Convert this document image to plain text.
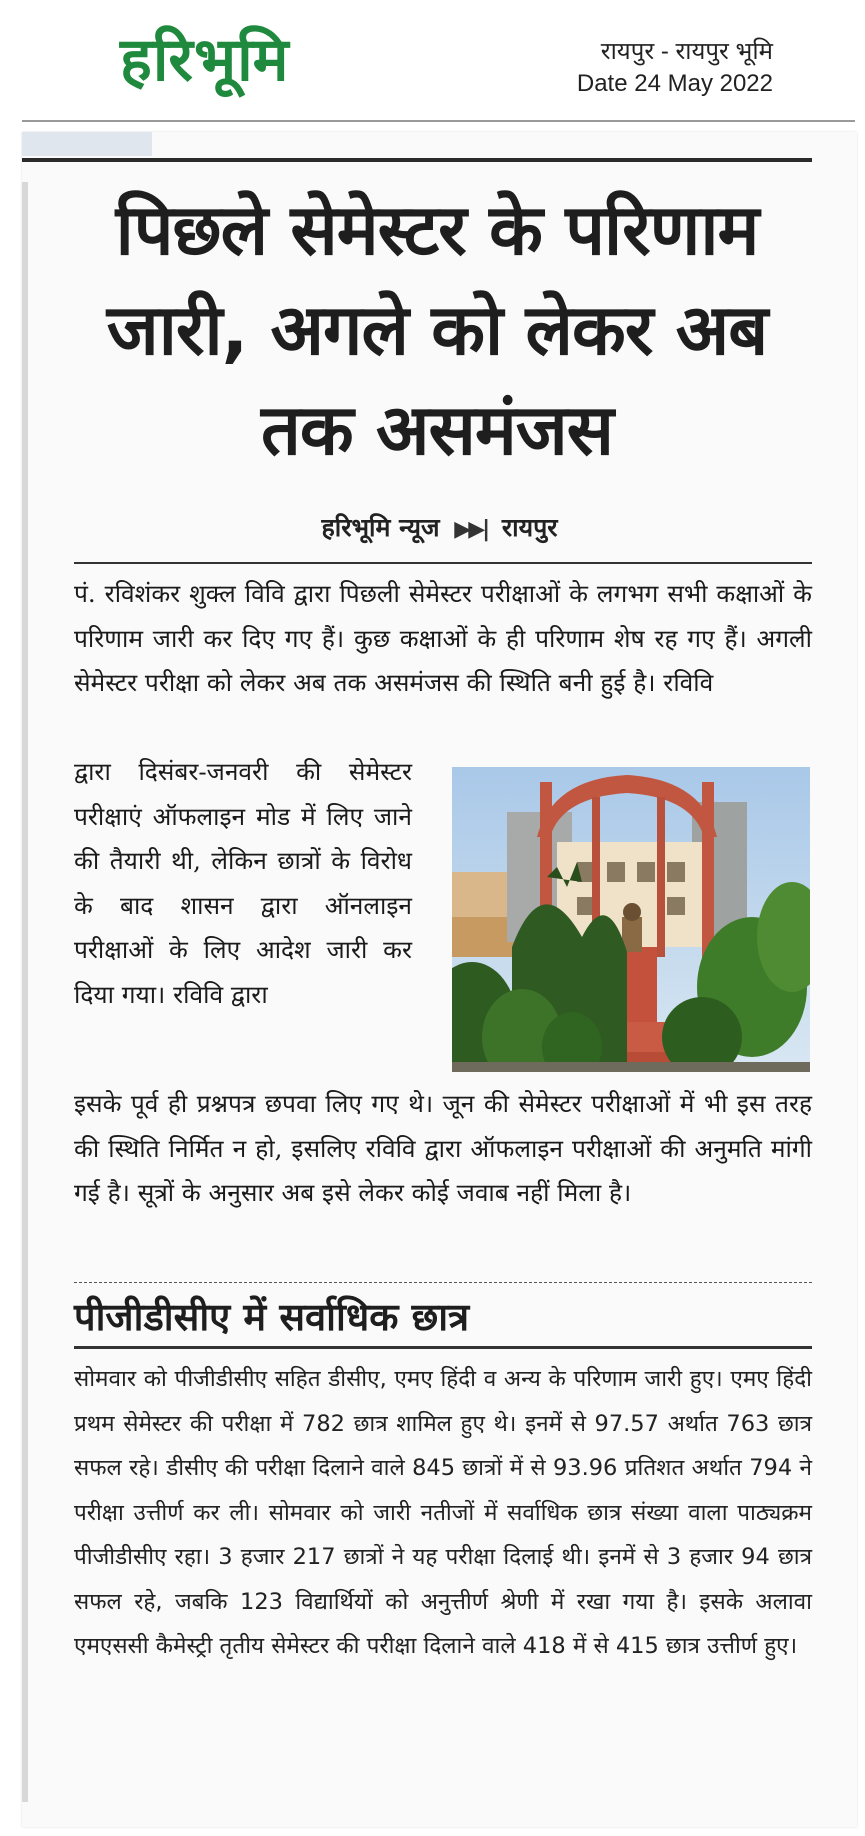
हरिभूमि	रायपुर - रायपुर भूमि
Date 24 May 2022
पिछले सेमेस्टर के परिणाम जारी, अगले को लेकर अब तक असमंजस
हरिभूमि न्यूज ▶▶| रायपुर

पं. रविशंकर शुक्ल विवि द्वारा पिछली सेमेस्टर परीक्षाओं के लगभग सभी कक्षाओं के परिणाम जारी कर दिए गए हैं। कुछ कक्षाओं के ही परिणाम शेष रह गए हैं। अगली सेमेस्टर परीक्षा को लेकर अब तक असमंजस की स्थिति बनी हुई है। रविवि

द्वारा दिसंबर-जनवरी की सेमेस्टर परीक्षाएं ऑफलाइन मोड में लिए जाने की तैयारी थी, लेकिन छात्रों के विरोध के बाद शासन द्वारा ऑनलाइन परीक्षाओं के लिए आदेश जारी कर दिया गया। रविवि द्वारा

इसके पूर्व ही प्रश्नपत्र छपवा लिए गए थे। जून की सेमेस्टर परीक्षाओं में भी इस तरह की स्थिति निर्मित न हो, इसलिए रविवि द्वारा ऑफलाइन परीक्षाओं की अनुमति मांगी गई है। सूत्रों के अनुसार अब इसे लेकर कोई जवाब नहीं मिला है।

पीजीडीसीए में सर्वाधिक छात्र

सोमवार को पीजीडीसीए सहित डीसीए, एमए हिंदी व अन्य के परिणाम जारी हुए। एमए हिंदी प्रथम सेमेस्टर की परीक्षा में 782 छात्र शामिल हुए थे। इनमें से 97.57 अर्थात 763 छात्र सफल रहे। डीसीए की परीक्षा दिलाने वाले 845 छात्रों में से 93.96 प्रतिशत अर्थात 794 ने परीक्षा उत्तीर्ण कर ली। सोमवार को जारी नतीजों में सर्वाधिक छात्र संख्या वाला पाठ्यक्रम पीजीडीसीए रहा। 3 हजार 217 छात्रों ने यह परीक्षा दिलाई थी। इनमें से 3 हजार 94 छात्र सफल रहे, जबकि 123 विद्यार्थियों को अनुत्तीर्ण श्रेणी में रखा गया है। इसके अलावा एमएससी कैमेस्ट्री तृतीय सेमेस्टर की परीक्षा दिलाने वाले 418 में से 415 छात्र उत्तीर्ण हुए।
